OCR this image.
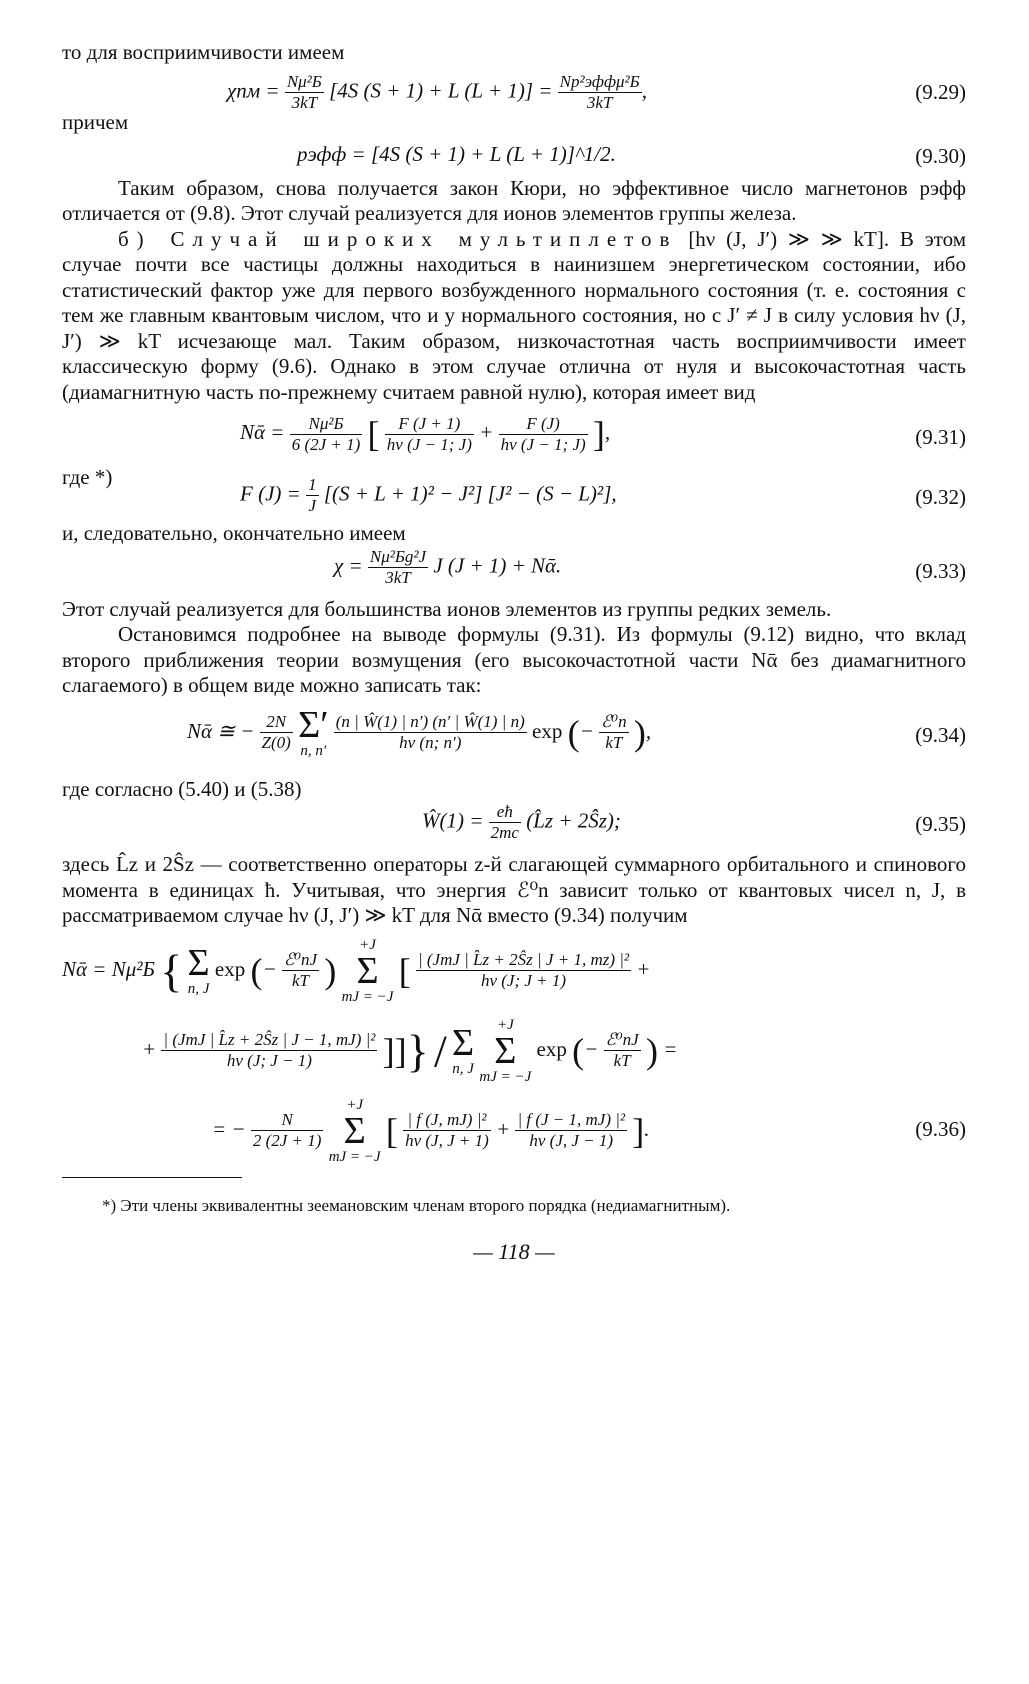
то для восприимчивости имеем

$\chi пм = \frac{\text{Nμ²Б}}{3kT} [4S$ (S + 1) + L $(L + 1)] = \frac{\text{Np²эффμ²Б}}{3kT}$ ,	(9.29)
причем
pэфф = [4S (S + 1) + L (L + 1)]^1/2.	(9.30)

Таким образом, снова получается закон Кюри, но эффективное число магнетонов pэфф отличается от (9.8). Этот случай реализуется для ионов элементов группы железа.

б) Случай широких мультиплетов [hν (J, J′) ≫ ≫ kT]. В этом случае почти все частицы должны находиться в наинизшем энергетическом состоянии, ибо статистический фактор уже для первого возбужденного нормального состояния (т. е. состояния с тем же главным квантовым числом, что и у нормального состояния, но с J′ ≠ J в силу условия hν (J, J′) ≫ kT исчезающе мал. Таким образом, низкочастотная часть восприимчивости имеет классическую форму (9.6). Однако в этом случае отлична от нуля и высокочастотная часть (диамагнитную часть по-прежнему считаем равной нулю), которая имеет вид

Nᾱ = $\frac{\text{Nμ²Б}}{6 (2J + 1)}$ [ $\frac{F (J + 1)}{h\nu (J - 1; J)} + \frac{F (J)}{h\nu (J - 1; J)}$ ],	(9.31)
где *)
F $(J) = \frac{1}{J} [(S + L + 1)^2 - J^2] [J^2 - (S - L)^2]$,	(9.32)

и, следовательно, окончательно имеем

$\chi = \frac{\text{Nμ²Бg²J}}{3kT}$ J (J + 1) + Nᾱ.	(9.33)

Этот случай реализуется для большинства ионов элементов из группы редких земель.

Остановимся подробнее на выводе формулы (9.31). Из формулы (9.12) видно, что вклад второго приближения теории возмущения (его высокочастотной части Nᾱ без диамагнитного слагаемого) в общем виде можно записать так:

Nᾱ ≅ − $\frac{2N}{Z(0)}$
Σ′
n, n′
$\frac{(n | Ŵ(1) | n') (n' | Ŵ(1) | n)}{h\nu (n; n')}$ exp (− $\frac{\text{ℰ⁰n}}{kT}$ ),	(9.34)

где согласно (5.40) и (5.38)

Ŵ(1) = $\frac{eħ}{2mc}$ (L̂z + 2Ŝz);	(9.35)

здесь L̂z и 2Ŝz — соответственно операторы z-й слагающей суммарного орбитального и спинового момента в единицах ħ. Учитывая, что энергия ℰ⁰n зависит только от квантовых чисел n, J, в рассматриваемом случае hν (J, J′) ≫ kT для Nᾱ вместо (9.34) получим

Nᾱ = Nμ²Б { Σ
n, J
exp (− $\frac{\text{ℰ⁰nJ}}{kT}$ )
+J
Σ
mJ = −J
[ $\frac{\text{| (JmJ | L̂z + 2Ŝz | J + 1, mz) |²}}{h\nu (J; J + 1)}$ +
+ $\frac{\text{| (JmJ | L̂z + 2Ŝz | J − 1, mJ) |²}}{h\nu (J; J - 1)}$ ]]} / Σ
n, J

+J
Σ
mJ = −J
exp (− $\frac{\text{ℰ⁰nJ}}{kT}$ ) =
= − $\frac{N}{2 (2J + 1)}$

+J
Σ
mJ = −J
[ $\frac{\text{| f (J, mJ) |²}}{h\nu (J, J + 1)} + \frac{\text{| f (J − 1, mJ) |²}}{h\nu (J, J - 1)}$ ].	(9.36)

*) Эти члены эквивалентны зеемановским членам второго порядка (недиамагнитным).

— 118 —
